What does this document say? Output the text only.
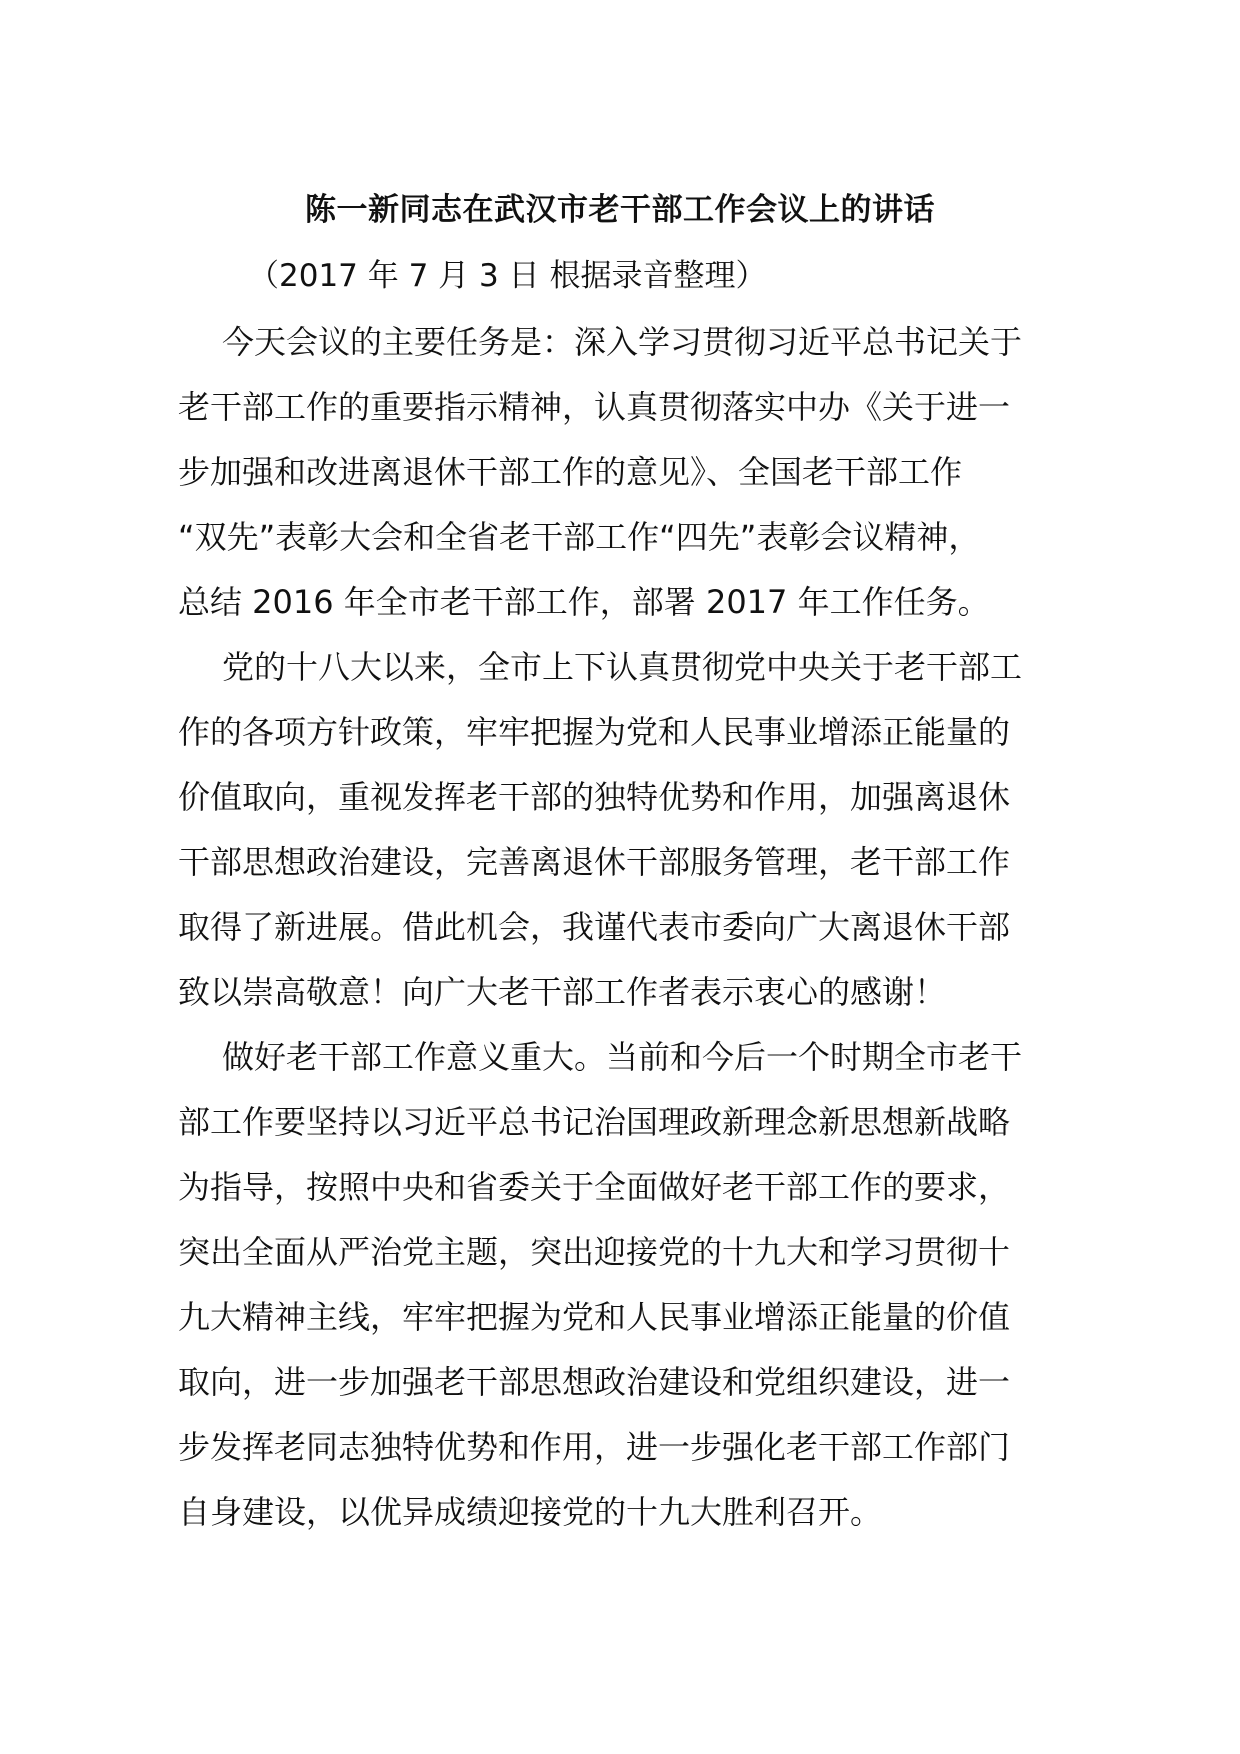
陈一新同志在武汉市老干部工作会议上的讲话

（2017 年 7 月 3 日 根据录音整理）

今天会议的主要任务是：深入学习贯彻习近平总书记关于
老干部工作的重要指示精神，认真贯彻落实中办《关于进一
步加强和改进离退休干部工作的意见》、全国老干部工作
“双先”表彰大会和全省老干部工作“四先”表彰会议精神，
总结 2016 年全市老干部工作，部署 2017 年工作任务。

党的十八大以来，全市上下认真贯彻党中央关于老干部工
作的各项方针政策，牢牢把握为党和人民事业增添正能量的
价值取向，重视发挥老干部的独特优势和作用，加强离退休
干部思想政治建设，完善离退休干部服务管理，老干部工作
取得了新进展。借此机会，我谨代表市委向广大离退休干部
致以崇高敬意！向广大老干部工作者表示衷心的感谢！

做好老干部工作意义重大。当前和今后一个时期全市老干
部工作要坚持以习近平总书记治国理政新理念新思想新战略
为指导，按照中央和省委关于全面做好老干部工作的要求，
突出全面从严治党主题，突出迎接党的十九大和学习贯彻十
九大精神主线，牢牢把握为党和人民事业增添正能量的价值
取向，进一步加强老干部思想政治建设和党组织建设，进一
步发挥老同志独特优势和作用，进一步强化老干部工作部门
自身建设，以优异成绩迎接党的十九大胜利召开。
